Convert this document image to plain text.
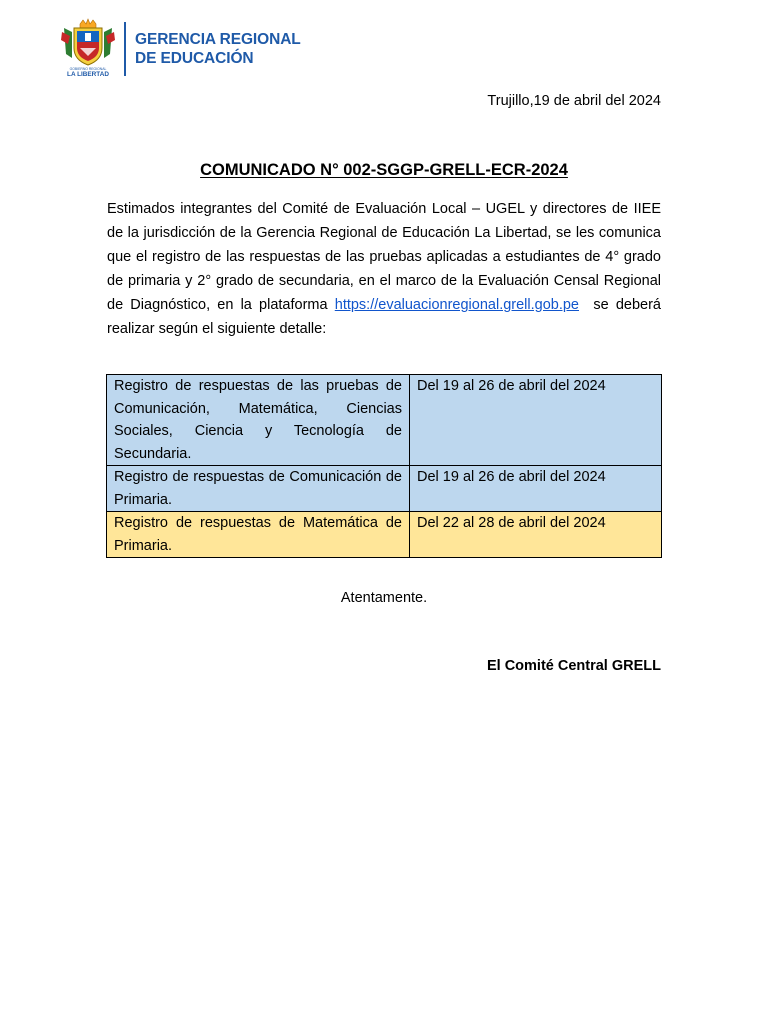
GOBIERNO REGIONAL
LA LIBERTAD
GERENCIA REGIONAL
DE EDUCACIÓN
Trujillo,19 de abril del 2024
COMUNICADO N° 002-SGGP-GRELL-ECR-2024
Estimados integrantes del Comité de Evaluación Local – UGEL y directores de IIEE de la jurisdicción de la Gerencia Regional de Educación La Libertad, se les comunica que el registro de las respuestas de las pruebas aplicadas a estudiantes de 4° grado de primaria y 2° grado de secundaria, en el marco de la Evaluación Censal Regional de Diagnóstico, en la plataforma https://evaluacionregional.grell.gob.pe se deberá realizar según el siguiente detalle:
Registro de respuestas de las pruebas de Comunicación, Matemática, Ciencias Sociales, Ciencia y Tecnología de Secundaria.	Del 19 al 26 de abril del 2024
Registro de respuestas de Comunicación de Primaria.	Del 19 al 26 de abril del 2024
Registro de respuestas de Matemática de Primaria.	Del 22 al 28 de abril del 2024
Atentamente.
El Comité Central GRELL
